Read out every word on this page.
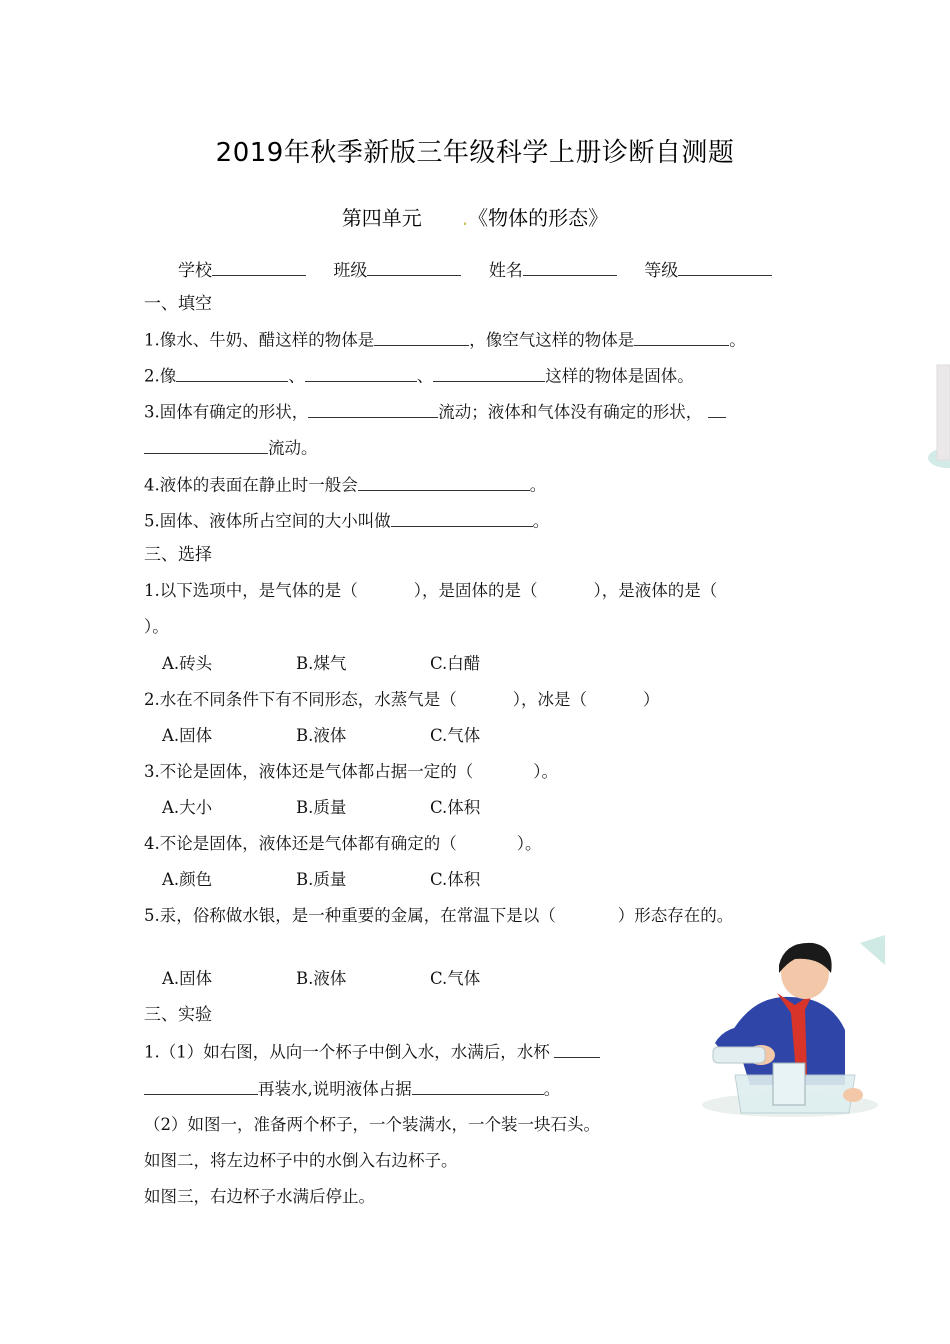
2019年秋季新版三年级科学上册诊断自测题
第四单元 .《物体的形态》
学校	班级	姓名	等级
一、填空
1.像水、牛奶、醋这样的物体是	，像空气这样的物体是	。
2.像	、	、	这样的物体是固体。
3.固体有确定的形状，	流动；液体和气体没有确定的形状，
流动。
4.液体的表面在静止时一般会	。
5.固体、液体所占空间的大小叫做	。
三、选择
1.以下选项中，是气体的是（	），是固体的是（	），是液体的是（
）。
A.砖头	B.煤气	C.白醋
2.水在不同条件下有不同形态，水蒸气是（	），冰是（	）
A.固体	B.液体	C.气体
3.不论是固体，液体还是气体都占据一定的（	）。
A.大小	B.质量	C.体积
4.不论是固体，液体还是气体都有确定的（	）。
A.颜色	B.质量	C.体积
5.汞，俗称做水银，是一种重要的金属，在常温下是以（	）形态存在的。
A.固体	B.液体	C.气体
三、实验
1.（1）如右图，从向一个杯子中倒入水，水满后，水杯
再装水,说明液体占据	。
（2）如图一，准备两个杯子，一个装满水，一个装一块石头。
如图二，将左边杯子中的水倒入右边杯子。
如图三，右边杯子水满后停止。
